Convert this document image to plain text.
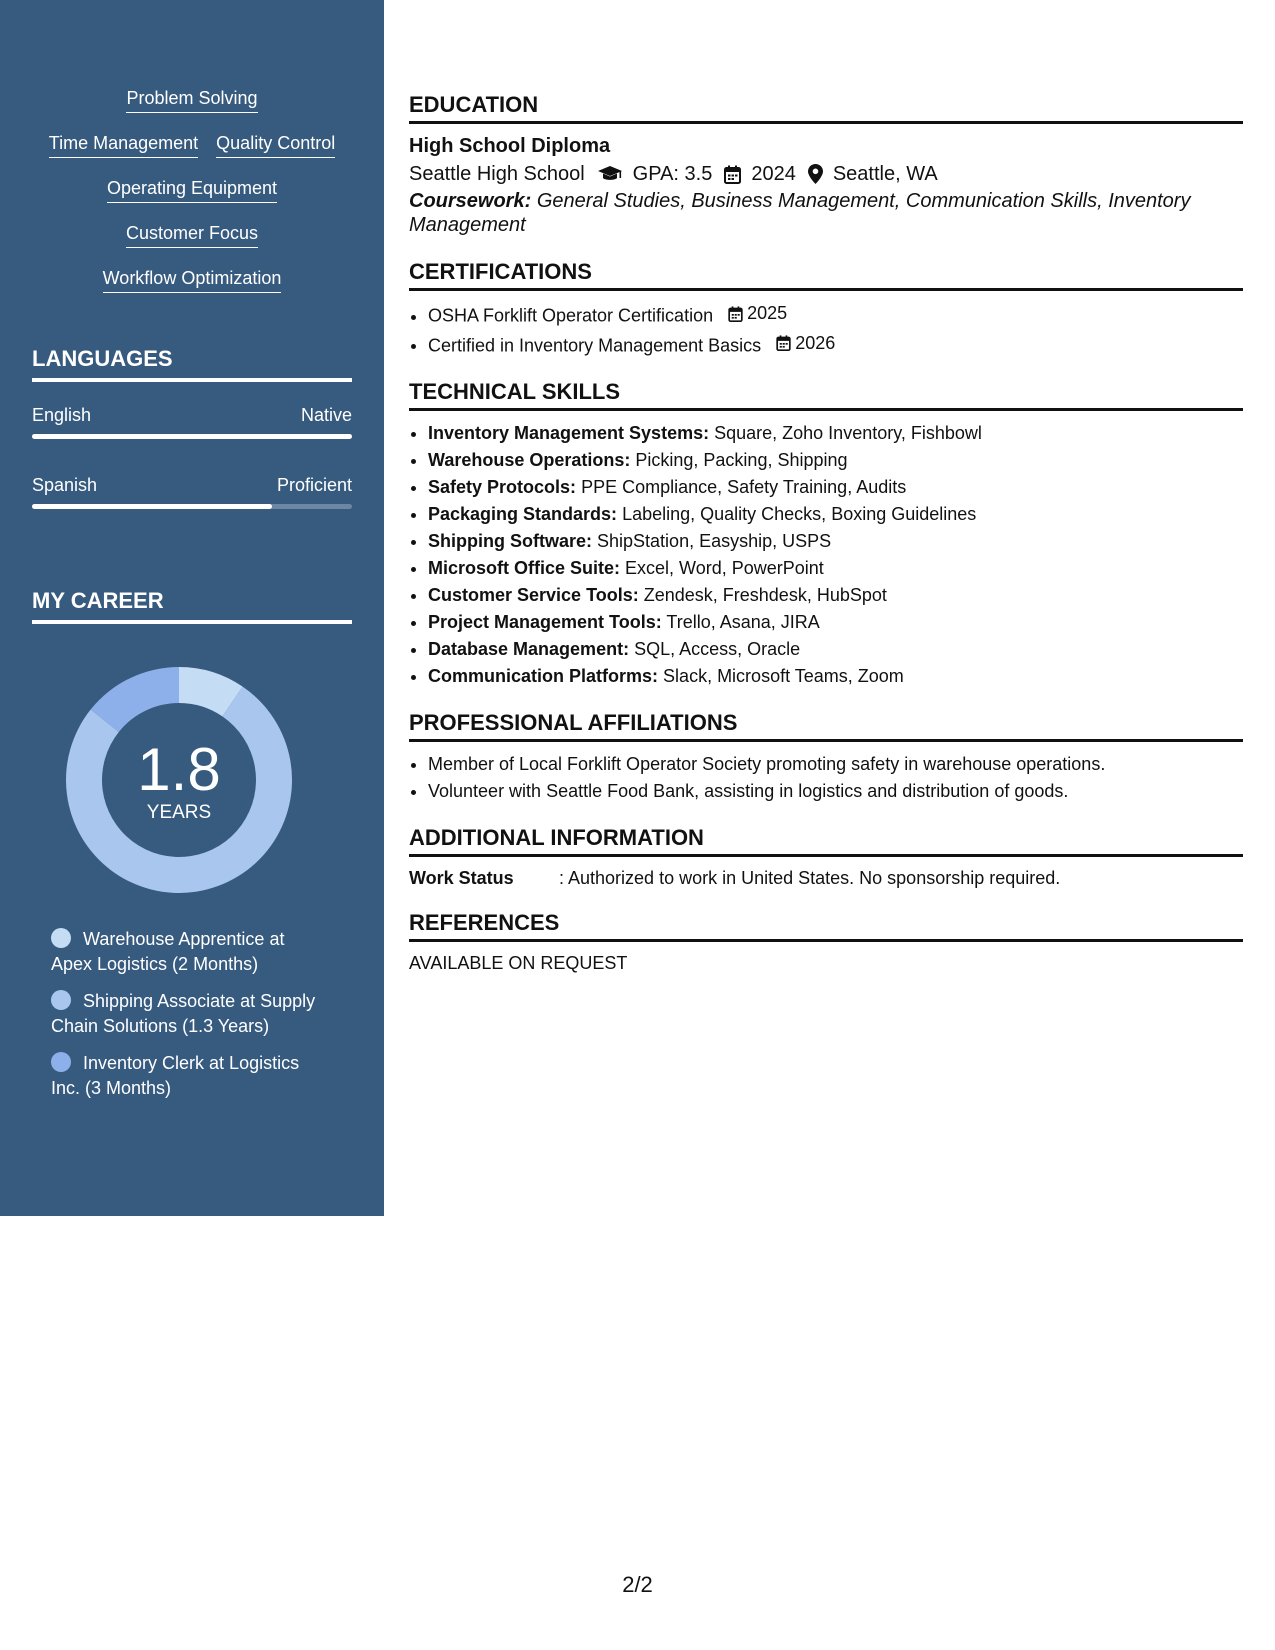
Problem Solving
Time Management Quality Control
Operating Equipment
Customer Focus
Workflow Optimization
LANGUAGES
English	Native
Spanish	Proficient
MY CAREER
1.8
YEARS
Warehouse Apprentice at Apex Logistics (2 Months)
Shipping Associate at Supply Chain Solutions (1.3 Years)
Inventory Clerk at Logistics Inc. (3 Months)
EDUCATION
High School Diploma
Seattle High School GPA: 3.5 2024 Seattle, WA
Coursework: General Studies, Business Management, Communication Skills, Inventory Management
CERTIFICATIONS
• OSHA Forklift Operator Certification 2025
• Certified in Inventory Management Basics 2026
TECHNICAL SKILLS
• Inventory Management Systems: Square, Zoho Inventory, Fishbowl
• Warehouse Operations: Picking, Packing, Shipping
• Safety Protocols: PPE Compliance, Safety Training, Audits
• Packaging Standards: Labeling, Quality Checks, Boxing Guidelines
• Shipping Software: ShipStation, Easyship, USPS
• Microsoft Office Suite: Excel, Word, PowerPoint
• Customer Service Tools: Zendesk, Freshdesk, HubSpot
• Project Management Tools: Trello, Asana, JIRA
• Database Management: SQL, Access, Oracle
• Communication Platforms: Slack, Microsoft Teams, Zoom
PROFESSIONAL AFFILIATIONS
• Member of Local Forklift Operator Society promoting safety in warehouse operations.
• Volunteer with Seattle Food Bank, assisting in logistics and distribution of goods.
ADDITIONAL INFORMATION
Work Status	: Authorized to work in United States. No sponsorship required.
REFERENCES
AVAILABLE ON REQUEST
2/2
